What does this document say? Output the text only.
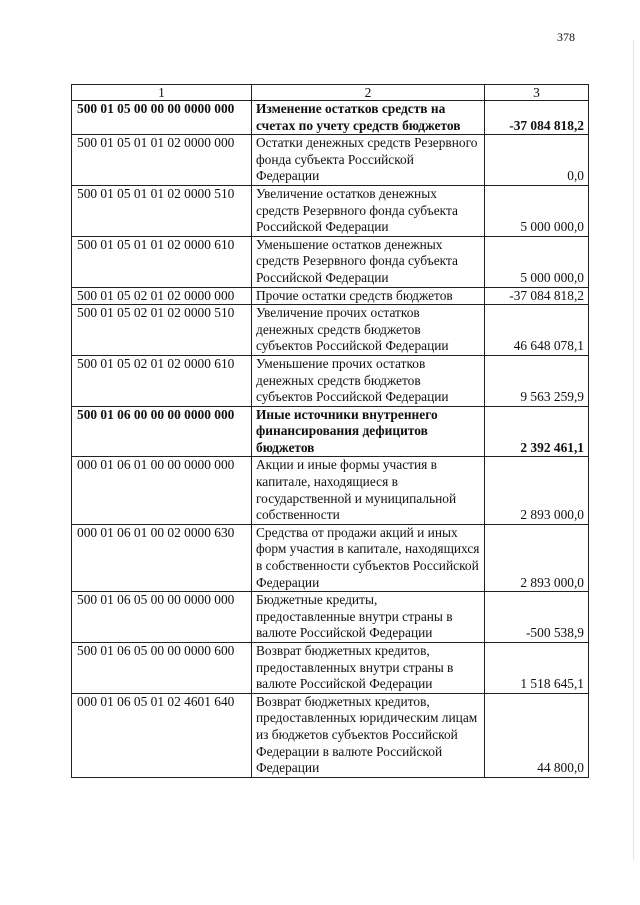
378
1	2	3
500 01 05 00 00 00 0000 000	Изменение остатков средств на счетах по учету средств бюджетов	-37 084 818,2
500 01 05 01 01 02 0000 000	Остатки денежных средств Резервного фонда субъекта Российской Федерации	0,0
500 01 05 01 01 02 0000 510	Увеличение остатков денежных средств Резервного фонда субъекта Российской Федерации	5 000 000,0
500 01 05 01 01 02 0000 610	Уменьшение остатков денежных средств Резервного фонда субъекта Российской Федерации	5 000 000,0
500 01 05 02 01 02 0000 000	Прочие остатки средств бюджетов	-37 084 818,2
500 01 05 02 01 02 0000 510	Увеличение прочих остатков денежных средств бюджетов субъектов Российской Федерации	46 648 078,1
500 01 05 02 01 02 0000 610	Уменьшение прочих остатков денежных средств бюджетов субъектов Российской Федерации	9 563 259,9
500 01 06 00 00 00 0000 000	Иные источники внутреннего финансирования дефицитов бюджетов	2 392 461,1
000 01 06 01 00 00 0000 000	Акции и иные формы участия в капитале, находящиеся в государственной и муниципальной собственности	2 893 000,0
000 01 06 01 00 02 0000 630	Средства от продажи акций и иных форм участия в капитале, находящихся в собственности субъектов Российской Федерации	2 893 000,0
500 01 06 05 00 00 0000 000	Бюджетные кредиты, предоставленные внутри страны в валюте Российской Федерации	-500 538,9
500 01 06 05 00 00 0000 600	Возврат бюджетных кредитов, предоставленных внутри страны в валюте Российской Федерации	1 518 645,1
000 01 06 05 01 02 4601 640	Возврат бюджетных кредитов, предоставленных юридическим лицам из бюджетов субъектов Российской Федерации в валюте Российской Федерации	44 800,0
